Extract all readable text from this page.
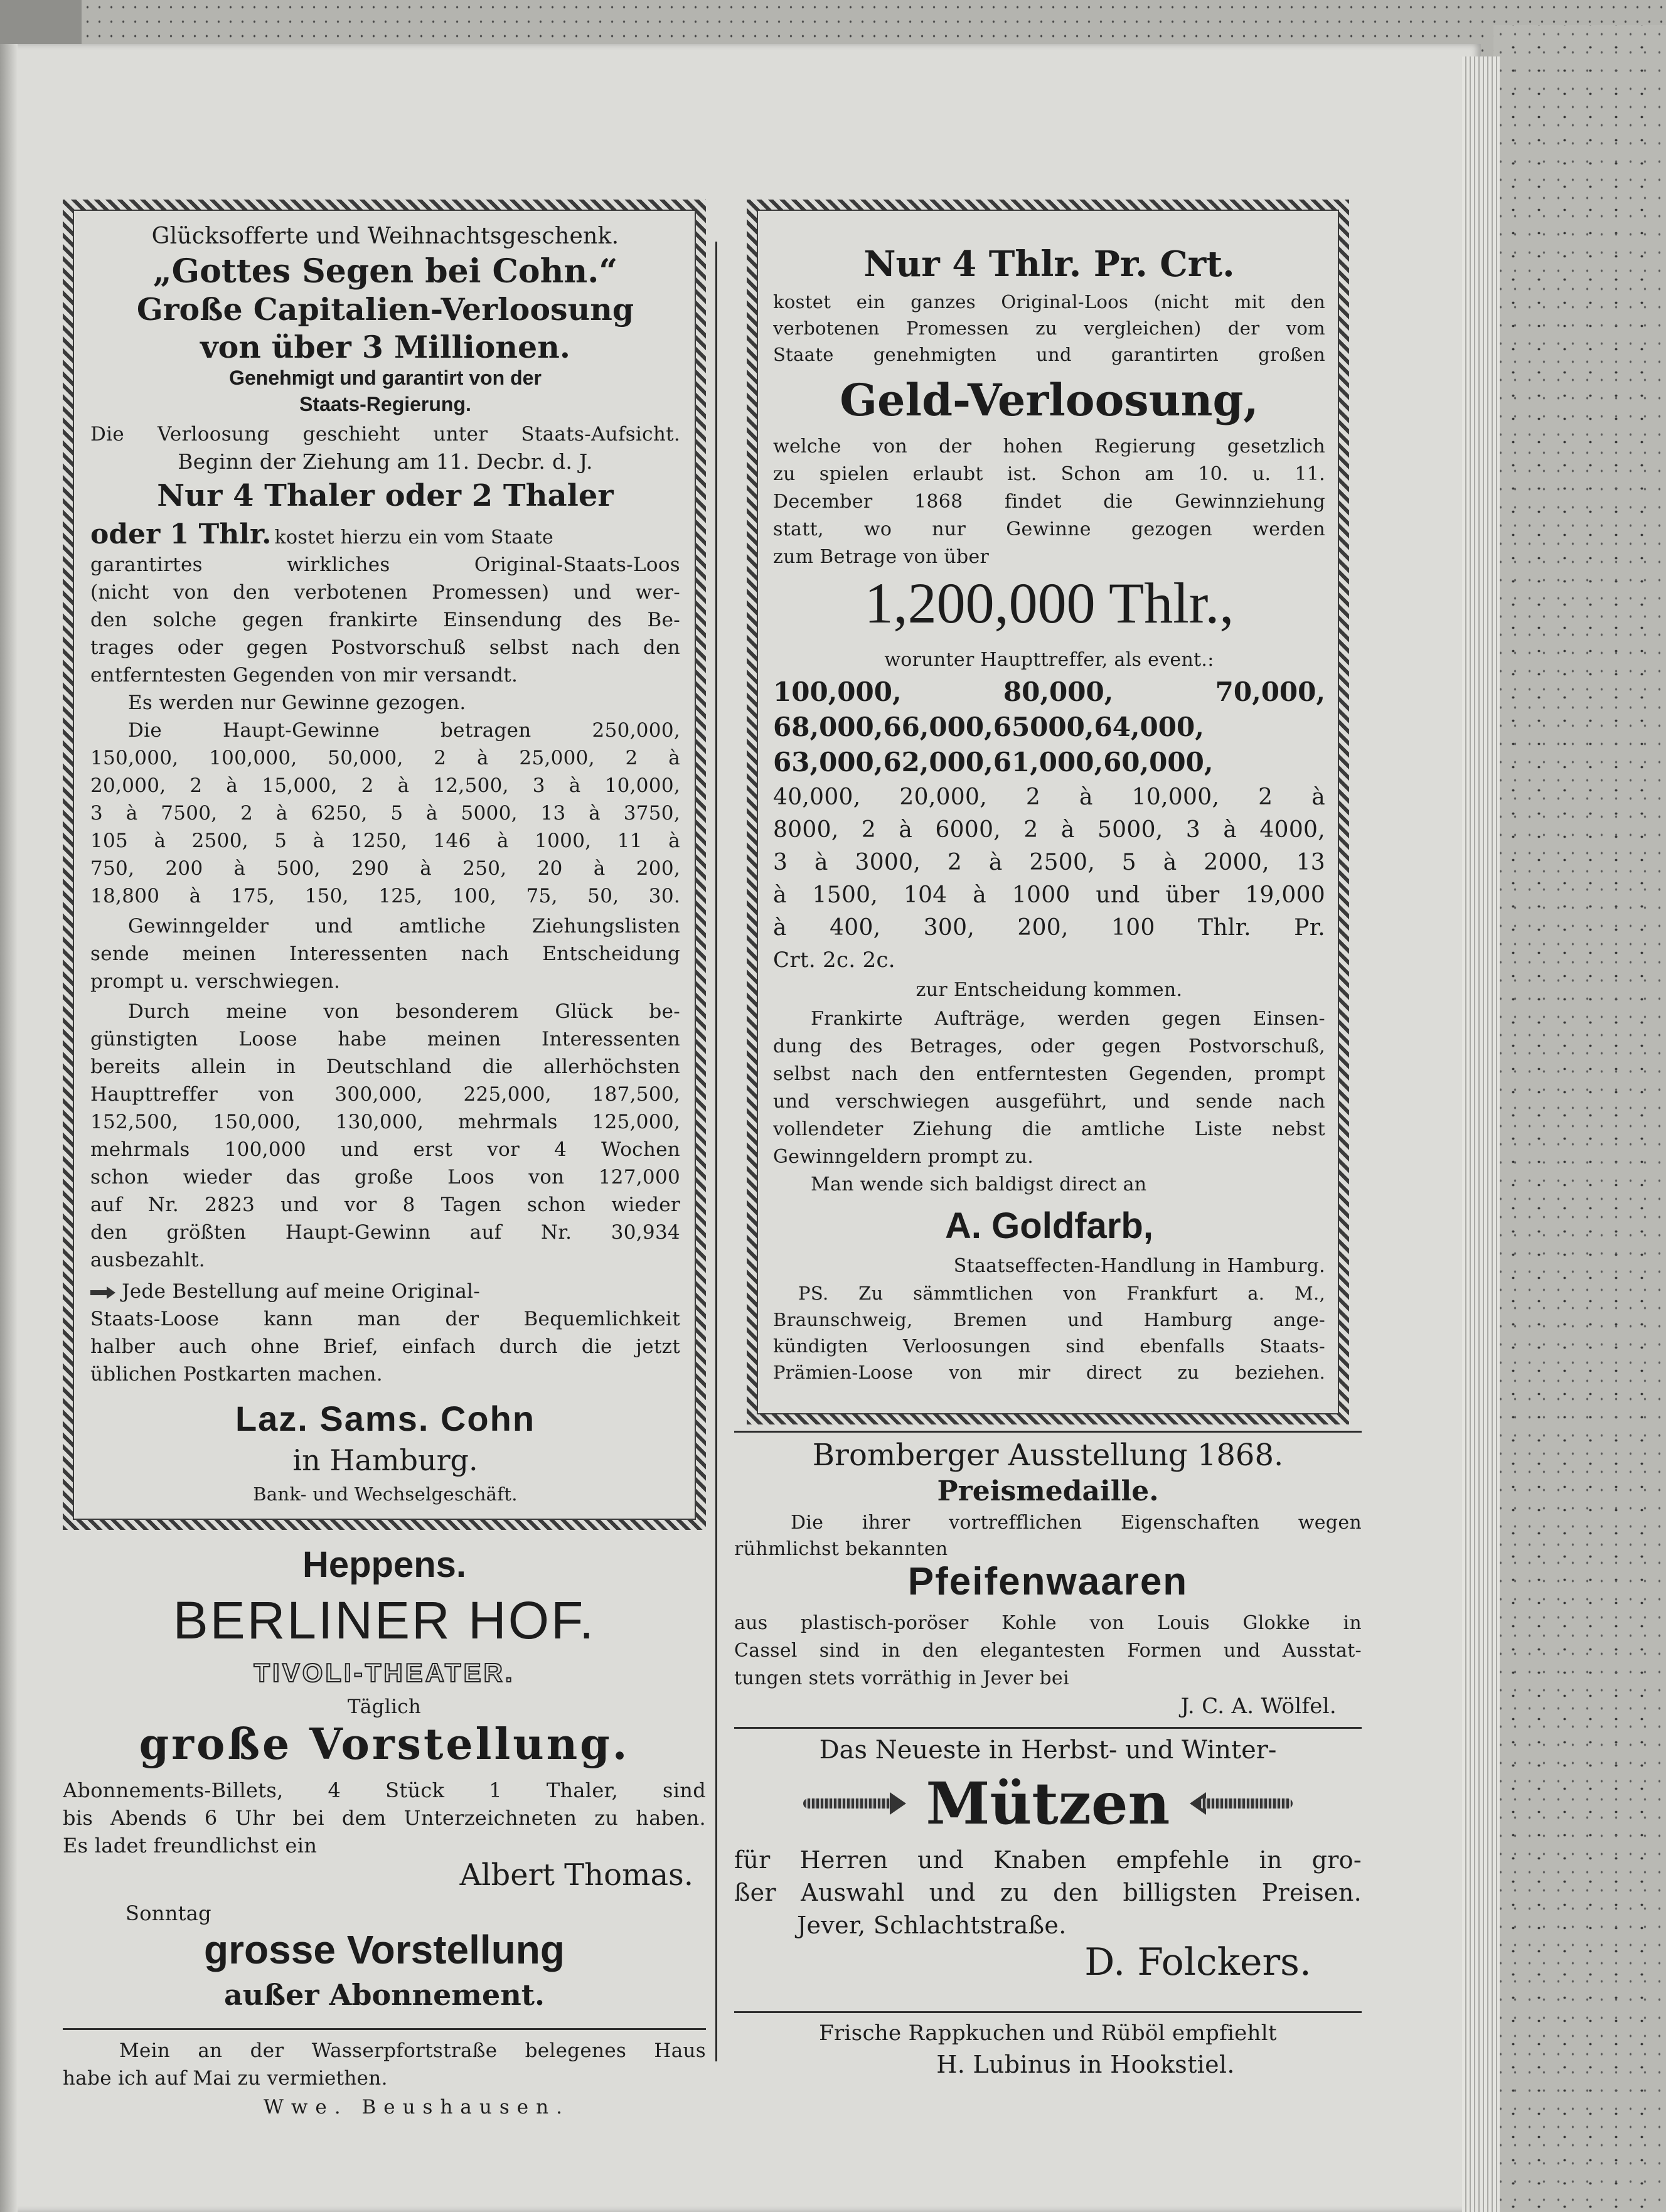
Glücksofferte und Weihnachtsgeschenk.
„Gottes Segen bei Cohn.“
Große Capitalien-Verloosung
von über 3 Millionen.
Genehmigt und garantirt von der
Staats-Regierung.
Die Verloosung geschieht unter Staats-Aufsicht.
Beginn der Ziehung am 11. Decbr. d. J.
Nur 4 Thaler oder 2 Thaler
oder 1 Thlr. kostet hierzu ein vom Staate
garantirtes wirkliches Original-Staats-Loos
(nicht von den verbotenen Promessen) und wer-
den solche gegen frankirte Einsendung des Be-
trages oder gegen Postvorschuß selbst nach den
entferntesten Gegenden von mir versandt.
Es werden nur Gewinne gezogen.
Die Haupt-Gewinne betragen 250,000,
150,000, 100,000, 50,000, 2 à 25,000, 2 à
20,000, 2 à 15,000, 2 à 12,500, 3 à 10,000,
3 à 7500, 2 à 6250, 5 à 5000, 13 à 3750,
105 à 2500, 5 à 1250, 146 à 1000, 11 à
750, 200 à 500, 290 à 250, 20 à 200,
18,800 à 175, 150, 125, 100, 75, 50, 30.
Gewinngelder und amtliche Ziehungslisten
sende meinen Interessenten nach Entscheidung
prompt u. verschwiegen.
Durch meine von besonderem Glück be-
günstigten Loose habe meinen Interessenten
bereits allein in Deutschland die allerhöchsten
Haupttreffer von 300,000, 225,000, 187,500,
152,500, 150,000, 130,000, mehrmals 125,000,
mehrmals 100,000 und erst vor 4 Wochen
schon wieder das große Loos von 127,000
auf Nr. 2823 und vor 8 Tagen schon wieder
den größten Haupt-Gewinn auf Nr. 30,934
ausbezahlt.
Jede Bestellung auf meine Original-
Staats-Loose kann man der Bequemlichkeit
halber auch ohne Brief, einfach durch die jetzt
üblichen Postkarten machen.
Laz. Sams. Cohn
in Hamburg.
Bank- und Wechselgeschäft.
Nur 4 Thlr. Pr. Crt.
kostet ein ganzes Original-Loos (nicht mit den
verbotenen Promessen zu vergleichen) der vom
Staate genehmigten und garantirten großen
Geld-Verloosung,
welche von der hohen Regierung gesetzlich
zu spielen erlaubt ist. Schon am 10. u. 11.
December 1868 findet die Gewinnziehung
statt, wo nur Gewinne gezogen werden
zum Betrage von über
1,200,000 Thlr.,
worunter Haupttreffer, als event.:
100,000, 80,000, 70,000,
68,000,66,000,65000,64,000,
63,000,62,000,61,000,60,000,
40,000, 20,000, 2 à 10,000, 2 à
8000, 2 à 6000, 2 à 5000, 3 à 4000,
3 à 3000, 2 à 2500, 5 à 2000, 13
à 1500, 104 à 1000 und über 19,000
à 400, 300, 200, 100 Thlr. Pr.
Crt. 2c. 2c.
zur Entscheidung kommen.
Frankirte Aufträge, werden gegen Einsen-
dung des Betrages, oder gegen Postvorschuß,
selbst nach den entferntesten Gegenden, prompt
und verschwiegen ausgeführt, und sende nach
vollendeter Ziehung die amtliche Liste nebst
Gewinngeldern prompt zu.
Man wende sich baldigst direct an
A. Goldfarb,
Staatseffecten-Handlung in Hamburg.
PS. Zu sämmtlichen von Frankfurt a. M.,
Braunschweig, Bremen und Hamburg ange-
kündigten Verloosungen sind ebenfalls Staats-
Prämien-Loose von mir direct zu beziehen.
Heppens.
BERLINER HOF.
TIVOLI-THEATER.
Täglich
große Vorstellung.
Abonnements-Billets, 4 Stück 1 Thaler, sind
bis Abends 6 Uhr bei dem Unterzeichneten zu haben.
Es ladet freundlichst ein
Albert Thomas.
Sonntag
grosse Vorstellung
außer Abonnement.
Mein an der Wasserpfortstraße belegenes Haus
habe ich auf Mai zu vermiethen.
Wwe. Beushausen.
Bromberger Ausstellung 1868.
Preismedaille.
Die ihrer vortrefflichen Eigenschaften wegen
rühmlichst bekannten
Pfeifenwaaren
aus plastisch-poröser Kohle von Louis Glokke in
Cassel sind in den elegantesten Formen und Ausstat-
tungen stets vorräthig in Jever bei
J. C. A. Wölfel.
Das Neueste in Herbst- und Winter-
Mützen
für Herren und Knaben empfehle in gro-
ßer Auswahl und zu den billigsten Preisen.
Jever, Schlachtstraße.
D. Folckers.
Frische Rappkuchen und Rüböl empfiehlt
H. Lubinus in Hookstiel.
